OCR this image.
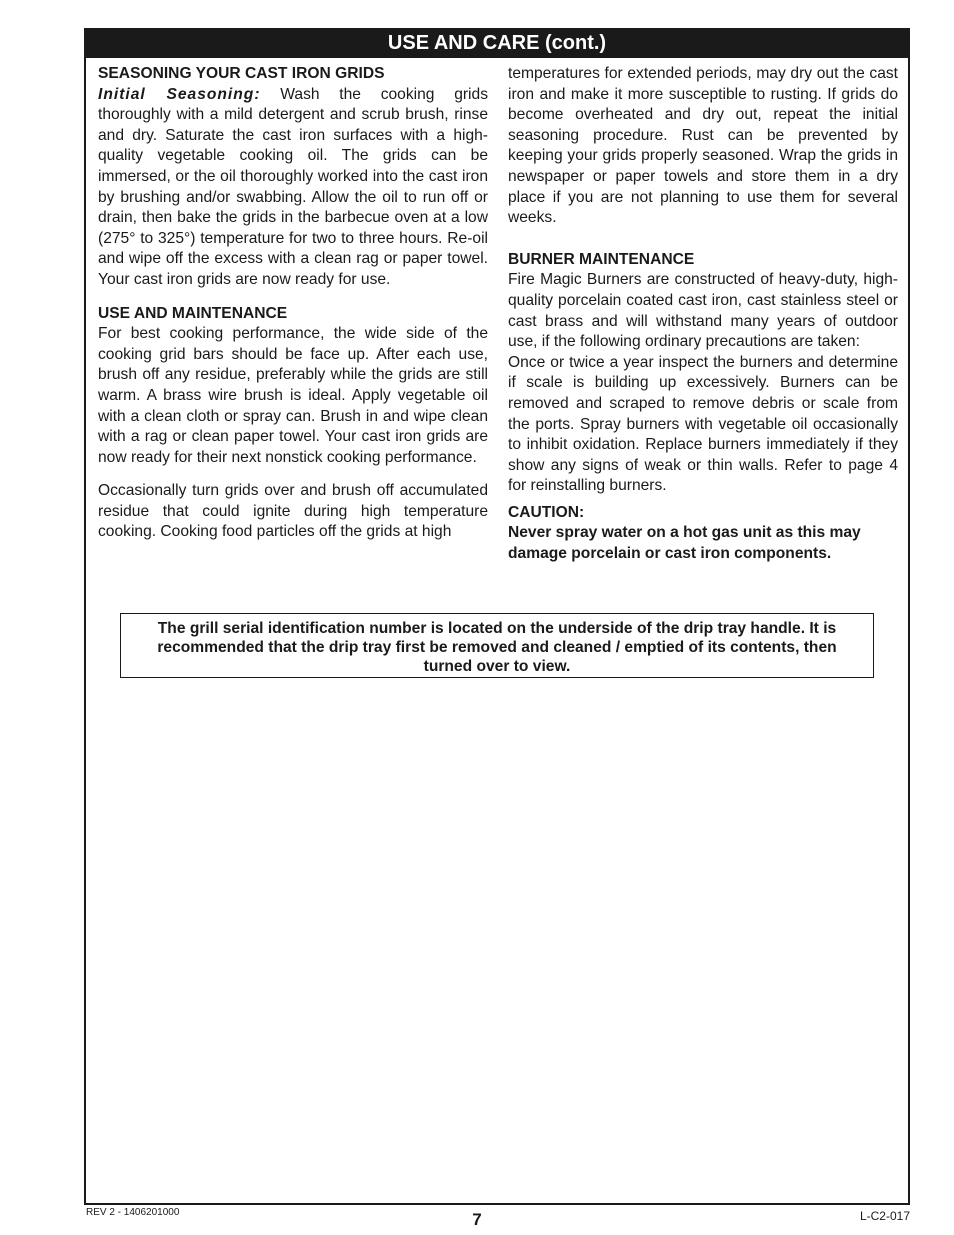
USE AND CARE (cont.)

SEASONING YOUR CAST IRON GRIDS

Initial Seasoning: Wash the cooking grids thoroughly with a mild detergent and scrub brush, rinse and dry. Saturate the cast iron surfaces with a high-quality vegetable cooking oil. The grids can be immersed, or the oil thoroughly worked into the cast iron by brushing and/or swabbing. Allow the oil to run off or drain, then bake the grids in the barbecue oven at a low (275° to 325°) temperature for two to three hours. Re-oil and wipe off the excess with a clean rag or paper towel. Your cast iron grids are now ready for use.

USE AND MAINTENANCE

For best cooking performance, the wide side of the cooking grid bars should be face up. After each use, brush off any residue, preferably while the grids are still warm. A brass wire brush is ideal. Apply vegetable oil with a clean cloth or spray can. Brush in and wipe clean with a rag or clean paper towel. Your cast iron grids are now ready for their next nonstick cooking performance.

Occasionally turn grids over and brush off accumulated residue that could ignite during high temperature cooking. Cooking food particles off the grids at high

temperatures for extended periods, may dry out the cast iron and make it more susceptible to rusting. If grids do become overheated and dry out, repeat the initial seasoning procedure. Rust can be prevented by keeping your grids properly seasoned. Wrap the grids in newspaper or paper towels and store them in a dry place if you are not planning to use them for several weeks.

BURNER MAINTENANCE

Fire Magic Burners are constructed of heavy-duty, high-quality porcelain coated cast iron, cast stainless steel or cast brass and will withstand many years of outdoor use, if the following ordinary precautions are taken:

Once or twice a year inspect the burners and determine if scale is building up excessively. Burners can be removed and scraped to remove debris or scale from the ports. Spray burners with vegetable oil occasionally to inhibit oxidation. Replace burners immediately if they show any signs of weak or thin walls. Refer to page 4 for reinstalling burners.

CAUTION:

Never spray water on a hot gas unit as this may damage porcelain or cast iron components.

The grill serial identification number is located on the underside of the drip tray handle. It is recommended that the drip tray first be removed and cleaned / emptied of its contents, then turned over to view.
REV 2 - 1406201000	7	L-C2-017
